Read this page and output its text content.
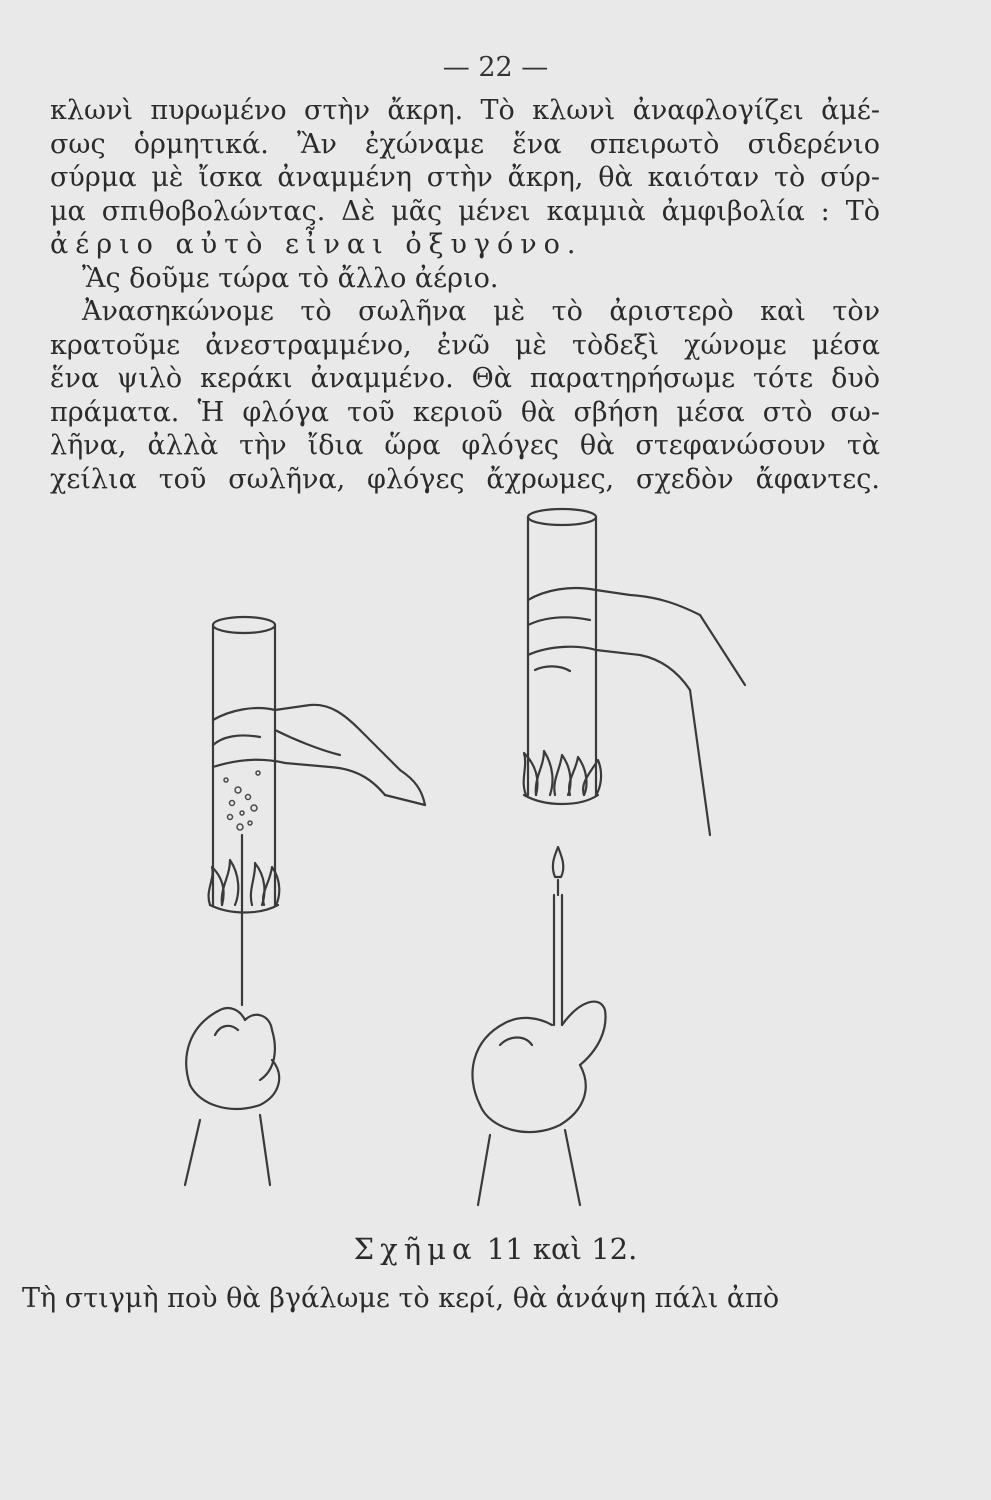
— 22 —
κλωνὶ πυρωμένο στὴν ἄκρη. Τὸ κλωνὶ ἀναφλογίζει ἀμέ-
σως ὁρμητικά. Ἂν ἐχώναμε ἕνα σπειρωτὸ σιδερένιο
σύρμα μὲ ἴσκα ἀναμμένη στὴν ἄκρη, θὰ καιόταν τὸ σύρ-
μα σπιθοβολώντας. Δὲ μᾶς μένει καμμιὰ ἀμφιβολία : Τὸ
ἀέριο αὐτὸ εἶναι ὀξυγόνο.
Ἂς δοῦμε τώρα τὸ ἄλλο ἀέριο.
Ἀνασηκώνομε τὸ σωλῆνα μὲ τὸ ἀριστερὸ καὶ τὸν
κρατοῦμε ἀνεστραμμένο, ἐνῶ μὲ τὸδεξὶ χώνομε μέσα
ἕνα ψιλὸ κεράκι ἀναμμένο. Θὰ παρατηρήσωμε τότε δυὸ
πράματα. Ἡ φλόγα τοῦ κεριοῦ θὰ σβήση μέσα στὸ σω-
λῆνα, ἀλλὰ τὴν ἴδια ὥρα φλόγες θὰ στεφανώσουν τὰ
χείλια τοῦ σωλῆνα, φλόγες ἄχρωμες, σχεδὸν ἄφαντες.
Σχῆμα 11 καὶ 12.
Τὴ στιγμὴ ποὺ θὰ βγάλωμε τὸ κερί, θὰ ἀνάψη πάλι ἀπὸ
